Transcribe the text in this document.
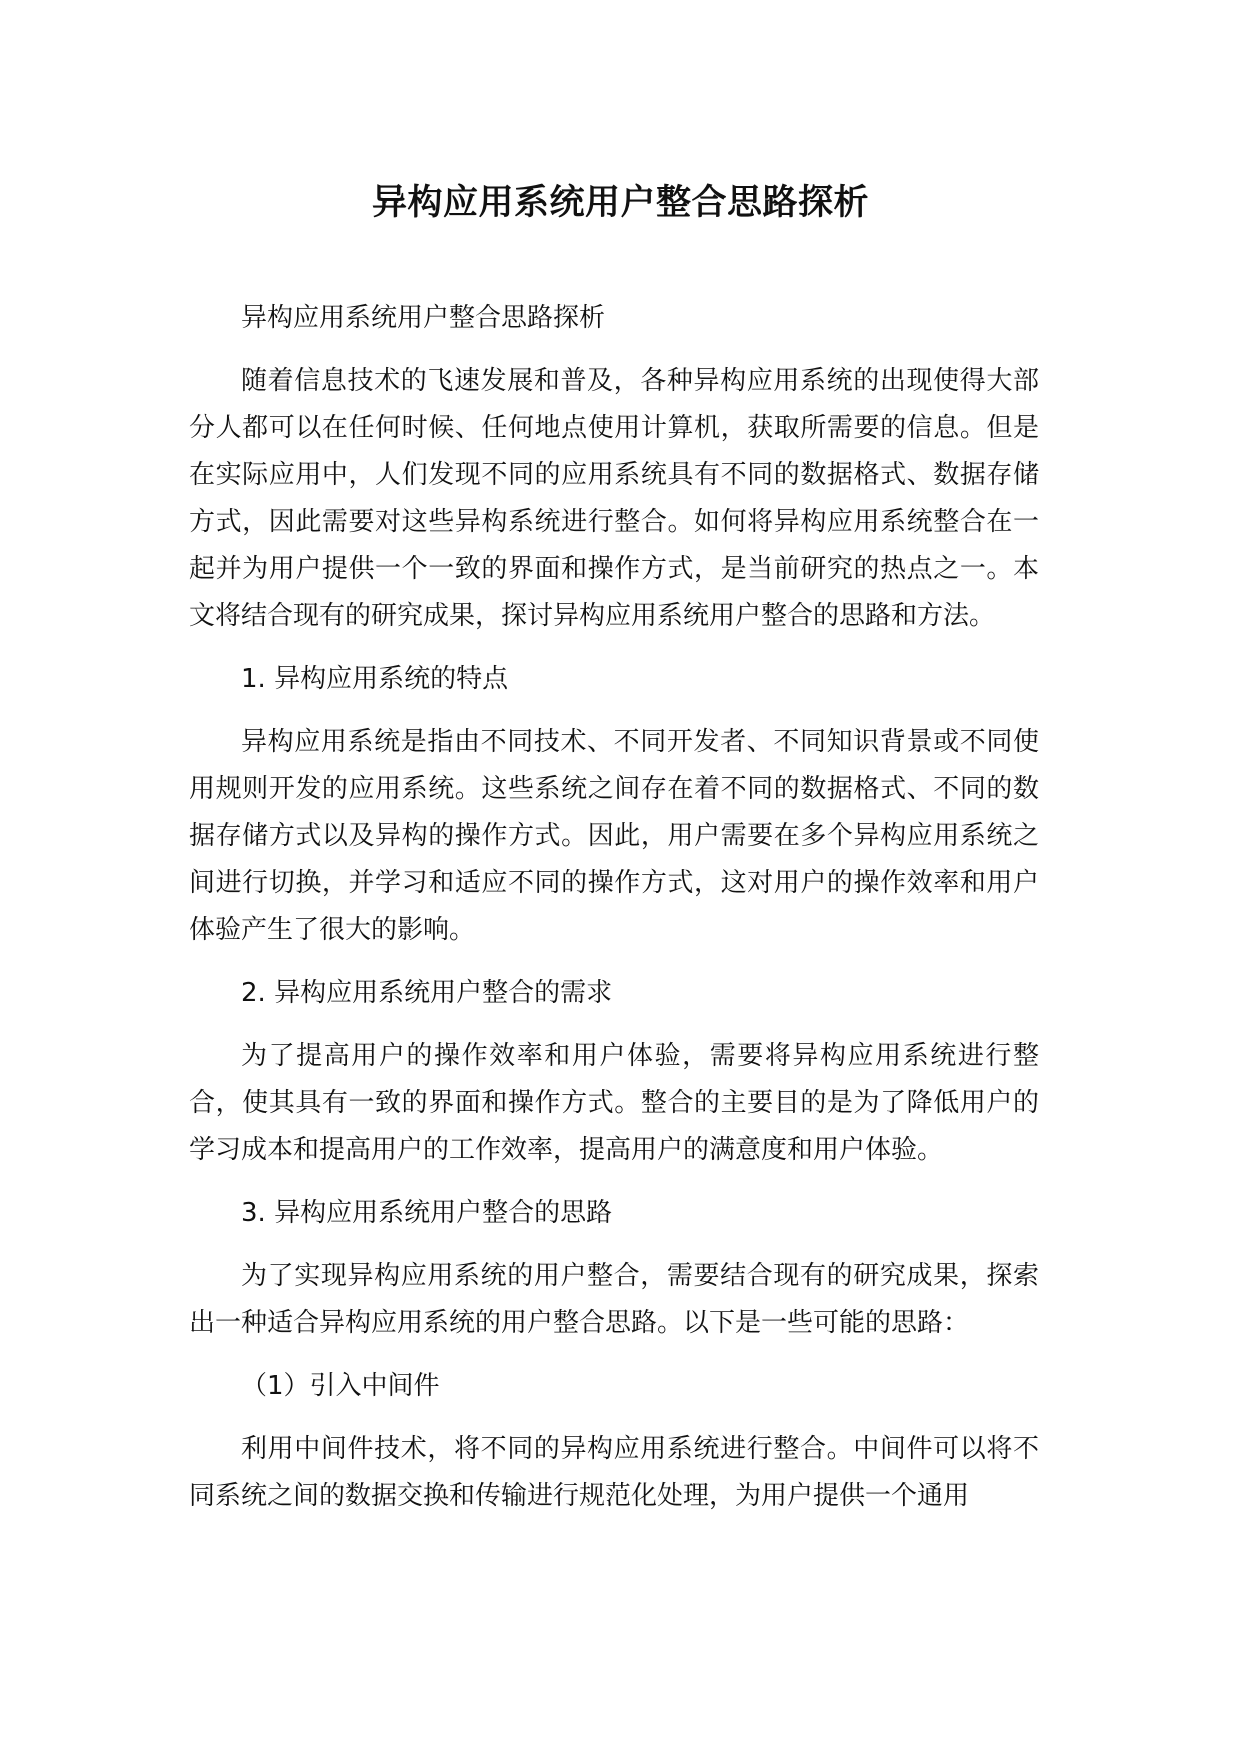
异构应用系统用户整合思路探析

异构应用系统用户整合思路探析

随着信息技术的飞速发展和普及，各种异构应用系统的出现使得大部分人都可以在任何时候、任何地点使用计算机，获取所需要的信息。但是在实际应用中，人们发现不同的应用系统具有不同的数据格式、数据存储方式，因此需要对这些异构系统进行整合。如何将异构应用系统整合在一起并为用户提供一个一致的界面和操作方式，是当前研究的热点之一。本文将结合现有的研究成果，探讨异构应用系统用户整合的思路和方法。

1. 异构应用系统的特点

异构应用系统是指由不同技术、不同开发者、不同知识背景或不同使用规则开发的应用系统。这些系统之间存在着不同的数据格式、不同的数据存储方式以及异构的操作方式。因此，用户需要在多个异构应用系统之间进行切换，并学习和适应不同的操作方式，这对用户的操作效率和用户体验产生了很大的影响。

2. 异构应用系统用户整合的需求

为了提高用户的操作效率和用户体验，需要将异构应用系统进行整合，使其具有一致的界面和操作方式。整合的主要目的是为了降低用户的学习成本和提高用户的工作效率，提高用户的满意度和用户体验。

3. 异构应用系统用户整合的思路

为了实现异构应用系统的用户整合，需要结合现有的研究成果，探索出一种适合异构应用系统的用户整合思路。以下是一些可能的思路：

（1）引入中间件

利用中间件技术，将不同的异构应用系统进行整合。中间件可以将不同系统之间的数据交换和传输进行规范化处理，为用户提供一个通用
